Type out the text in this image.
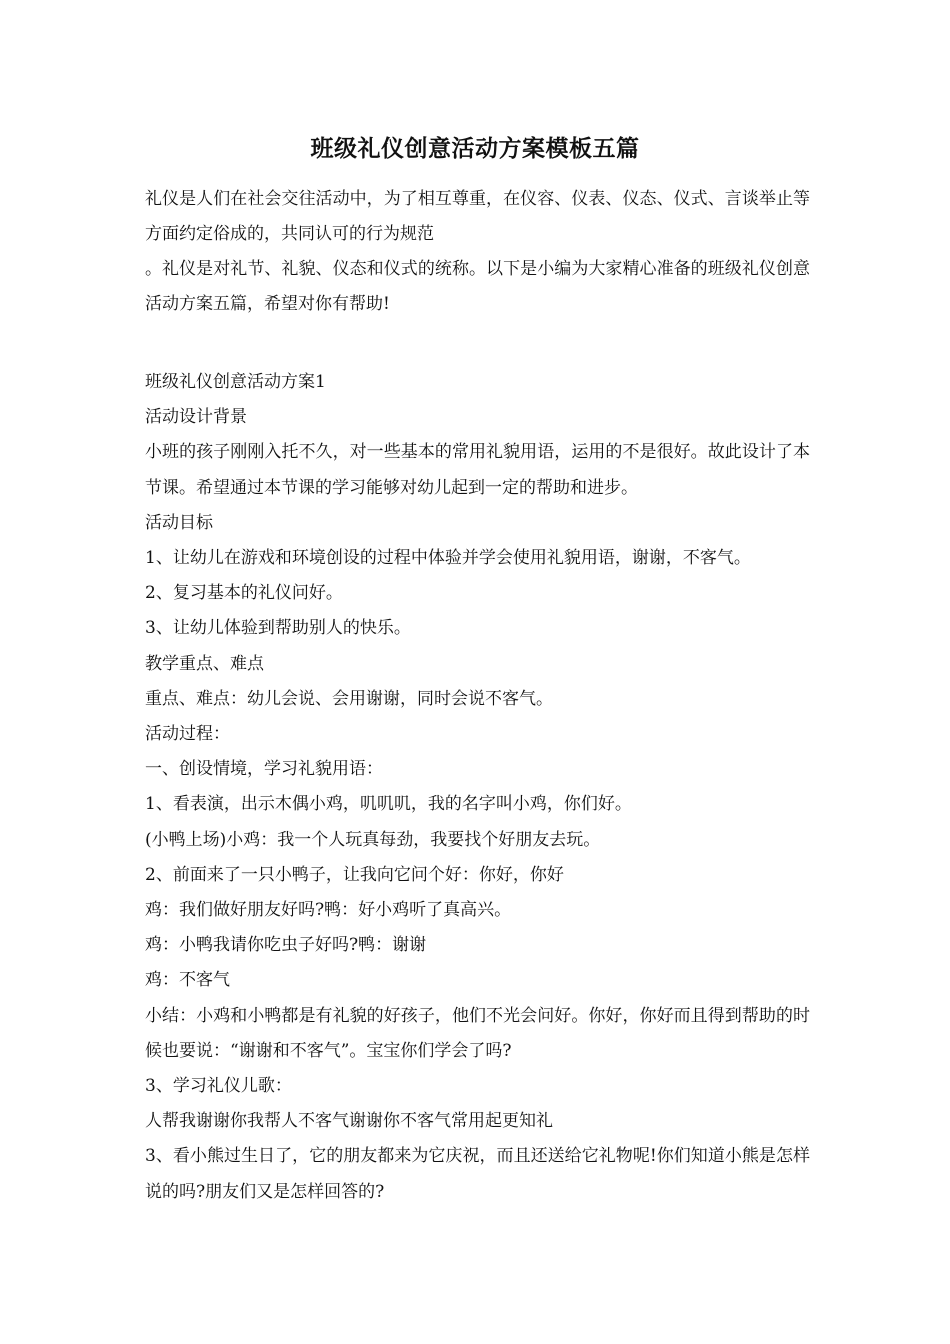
班级礼仪创意活动方案模板五篇

礼仪是人们在社会交往活动中，为了相互尊重，在仪容、仪表、仪态、仪式、言谈举止等方面约定俗成的，共同认可的行为规范
。礼仪是对礼节、礼貌、仪态和仪式的统称。以下是小编为大家精心准备的班级礼仪创意活动方案五篇，希望对你有帮助!

班级礼仪创意活动方案1
活动设计背景
小班的孩子刚刚入托不久，对一些基本的常用礼貌用语，运用的不是很好。故此设计了本节课。希望通过本节课的学习能够对幼儿起到一定的帮助和进步。
活动目标
1、让幼儿在游戏和环境创设的过程中体验并学会使用礼貌用语，谢谢，不客气。
2、复习基本的礼仪问好。
3、让幼儿体验到帮助别人的快乐。
教学重点、难点
重点、难点：幼儿会说、会用谢谢，同时会说不客气。
活动过程：
一、创设情境，学习礼貌用语：
1、看表演，出示木偶小鸡，叽叽叽，我的名字叫小鸡，你们好。
(小鸭上场)小鸡：我一个人玩真每劲，我要找个好朋友去玩。
2、前面来了一只小鸭子，让我向它问个好：你好，你好
鸡：我们做好朋友好吗?鸭：好小鸡听了真高兴。
鸡：小鸭我请你吃虫子好吗?鸭：谢谢
鸡：不客气
小结：小鸡和小鸭都是有礼貌的好孩子，他们不光会问好。你好，你好而且得到帮助的时候也要说：“谢谢和不客气”。宝宝你们学会了吗?
3、学习礼仪儿歌：
人帮我谢谢你我帮人不客气谢谢你不客气常用起更知礼
3、看小熊过生日了，它的朋友都来为它庆祝，而且还送给它礼物呢!你们知道小熊是怎样说的吗?朋友们又是怎样回答的?
